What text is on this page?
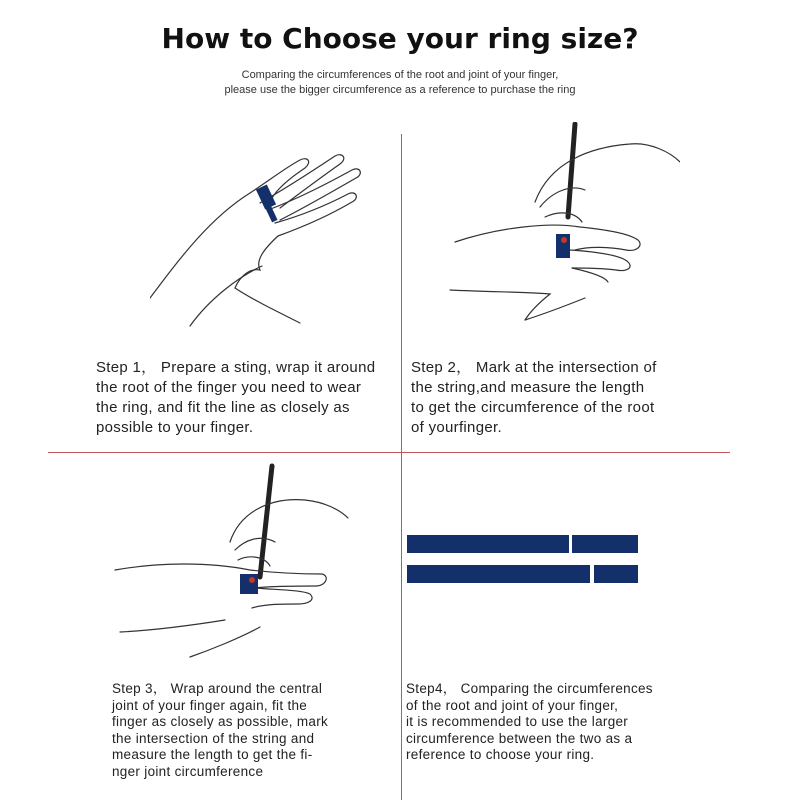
How to Choose your ring size?
Comparing the circumferences of the root and joint of your finger,
please use the bigger circumference as a reference to purchase the ring
Step 1， Prepare a sting, wrap it around
the root of the finger you need to wear
the ring, and fit the line as closely as
possible to your finger.
Step 2， Mark at the intersection of
the string,and measure the length
to get the circumference of the root
of yourfinger.
Step 3， Wrap around the central
joint of your finger again, fit the
finger as closely as possible, mark
the intersection of the string and
measure the length to get the fi-
nger joint circumference
Step4， Comparing the circumferences
of the root and joint of your finger,
it is recommended to use the larger
circumference between the two as a
reference to choose your ring.
